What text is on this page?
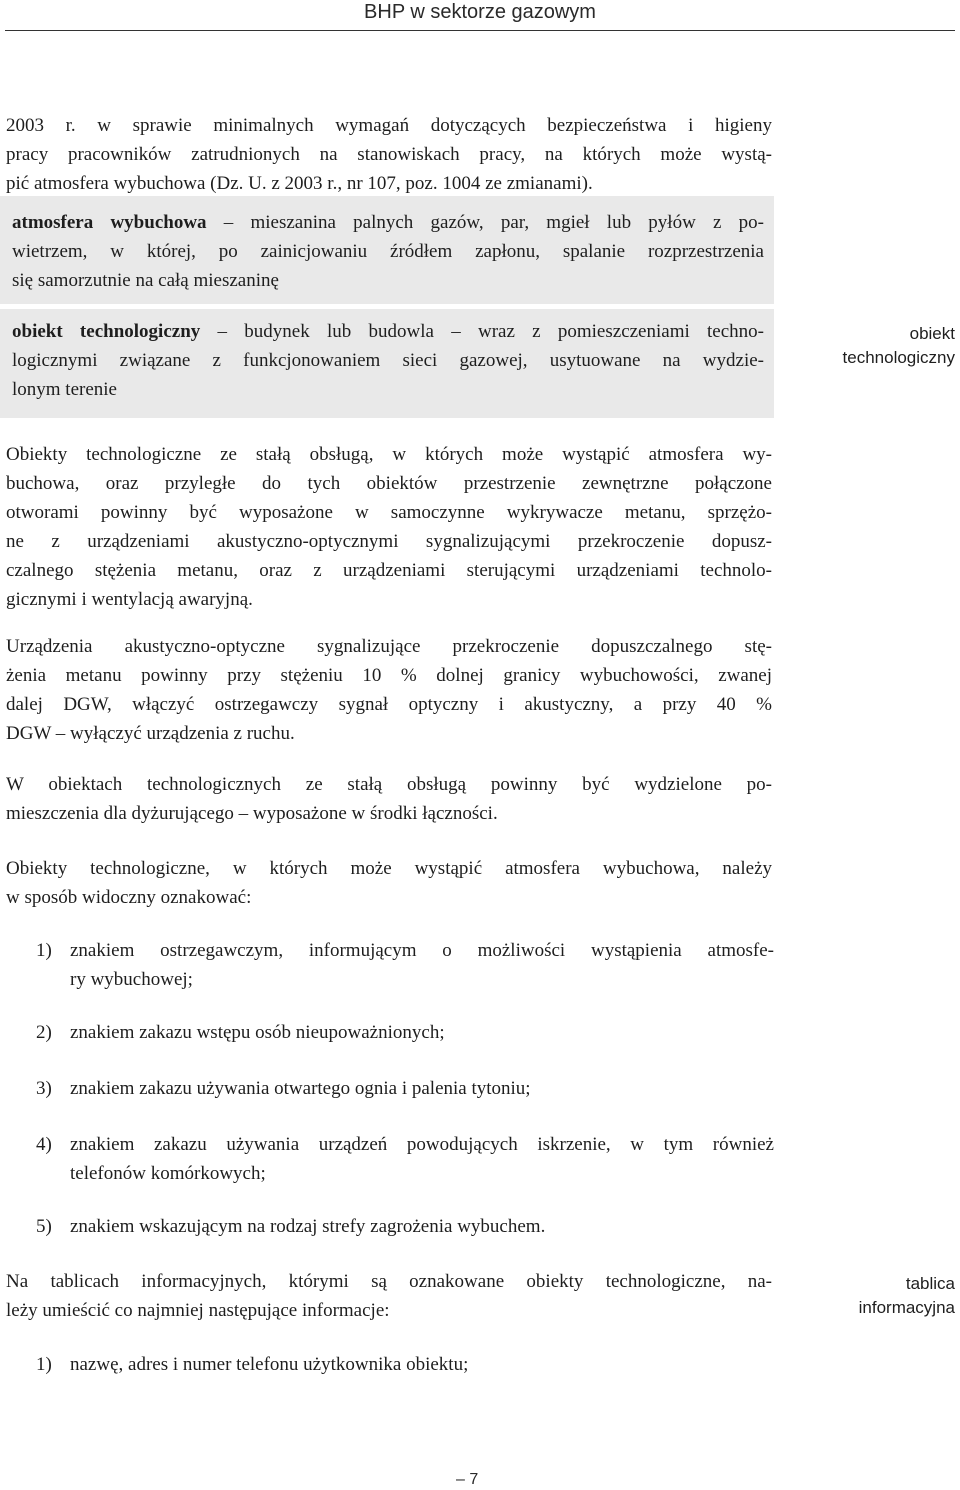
BHP w sektorze gazowym
2003 r. w sprawie minimalnych wymagań dotyczących bezpieczeństwa i higieny
pracy pracowników zatrudnionych na stanowiskach pracy, na których może wystą-
pić atmosfera wybuchowa (Dz. U. z 2003 r., nr 107, poz. 1004 ze zmianami).
atmosfera wybuchowa – mieszanina palnych gazów, par, mgieł lub pyłów z po-
wietrzem, w której, po zainicjowaniu źródłem zapłonu, spalanie rozprzestrzenia
się samorzutnie na całą mieszaninę
obiekt technologiczny – budynek lub budowla – wraz z pomieszczeniami techno-
logicznymi związane z funkcjonowaniem sieci gazowej, usytuowane na wydzie-
lonym terenie
obiekt
technologiczny
Obiekty technologiczne ze stałą obsługą, w których może wystąpić atmosfera wy-
buchowa, oraz przyległe do tych obiektów przestrzenie zewnętrzne połączone
otworami powinny być wyposażone w samoczynne wykrywacze metanu, sprzężo-
ne z urządzeniami akustyczno-optycznymi sygnalizującymi przekroczenie dopusz-
czalnego stężenia metanu, oraz z urządzeniami sterującymi urządzeniami technolo-
gicznymi i wentylacją awaryjną.
Urządzenia akustyczno-optyczne sygnalizujące przekroczenie dopuszczalnego stę-
żenia metanu powinny przy stężeniu 10 % dolnej granicy wybuchowości, zwanej
dalej DGW, włączyć ostrzegawczy sygnał optyczny i akustyczny, a przy 40 %
DGW – wyłączyć urządzenia z ruchu.
W obiektach technologicznych ze stałą obsługą powinny być wydzielone po-
mieszczenia dla dyżurującego – wyposażone w środki łączności.
Obiekty technologiczne, w których może wystąpić atmosfera wybuchowa, należy
w sposób widoczny oznakować:
1) znakiem ostrzegawczym, informującym o możliwości wystąpienia atmosfe-
ry wybuchowej;
2) znakiem zakazu wstępu osób nieupoważnionych;
3) znakiem zakazu używania otwartego ognia i palenia tytoniu;
4) znakiem zakazu używania urządzeń powodujących iskrzenie, w tym również
telefonów komórkowych;
5) znakiem wskazującym na rodzaj strefy zagrożenia wybuchem.
Na tablicach informacyjnych, którymi są oznakowane obiekty technologiczne, na-
leży umieścić co najmniej następujące informacje:
tablica
informacyjna
1) nazwę, adres i numer telefonu użytkownika obiektu;
– 7
